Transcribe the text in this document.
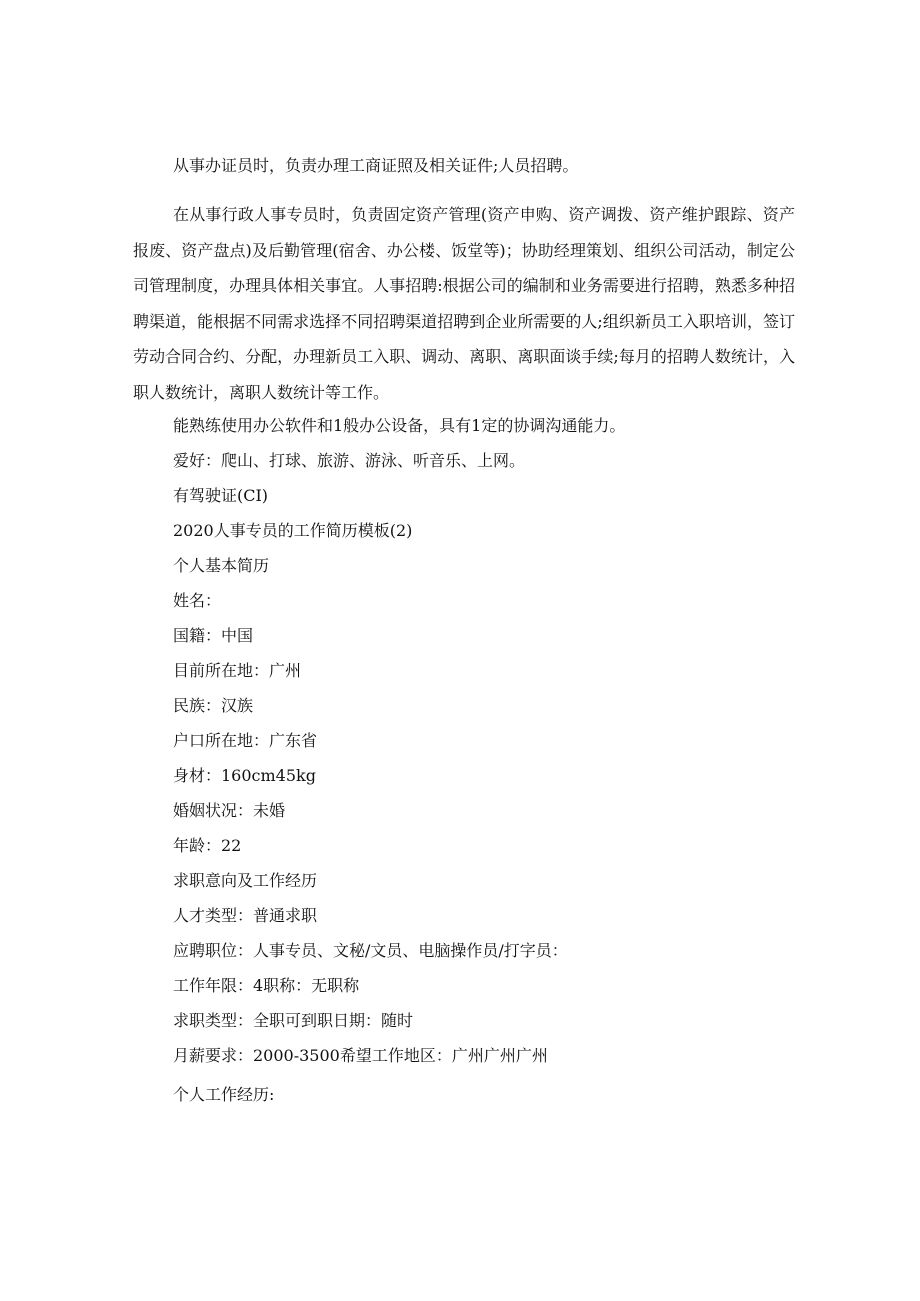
从事办证员时，负责办理工商证照及相关证件;人员招聘。

在从事行政人事专员时，负责固定资产管理(资产申购、资产调拨、资产维护跟踪、资产报废、资产盘点)及后勤管理(宿舍、办公楼、饭堂等)；协助经理策划、组织公司活动，制定公司管理制度，办理具体相关事宜。人事招聘:根据公司的编制和业务需要进行招聘，熟悉多种招聘渠道，能根据不同需求选择不同招聘渠道招聘到企业所需要的人;组织新员工入职培训，签订劳动合同合约、分配，办理新员工入职、调动、离职、离职面谈手续;每月的招聘人数统计，入职人数统计，离职人数统计等工作。

能熟练使用办公软件和1般办公设备，具有1定的协调沟通能力。

爱好：爬山、打球、旅游、游泳、听音乐、上网。

有驾驶证(CI)

2020人事专员的工作简历模板(2)

个人基本简历

姓名：

国籍：中国

目前所在地：广州

民族：汉族

户口所在地：广东省

身材：160cm45kg

婚姻状况：未婚

年龄：22

求职意向及工作经历

人才类型：普通求职

应聘职位：人事专员、文秘/文员、电脑操作员/打字员：

工作年限：4职称：无职称

求职类型：全职可到职日期：随时

月薪要求：2000-3500希望工作地区：广州广州广州

个人工作经历:
